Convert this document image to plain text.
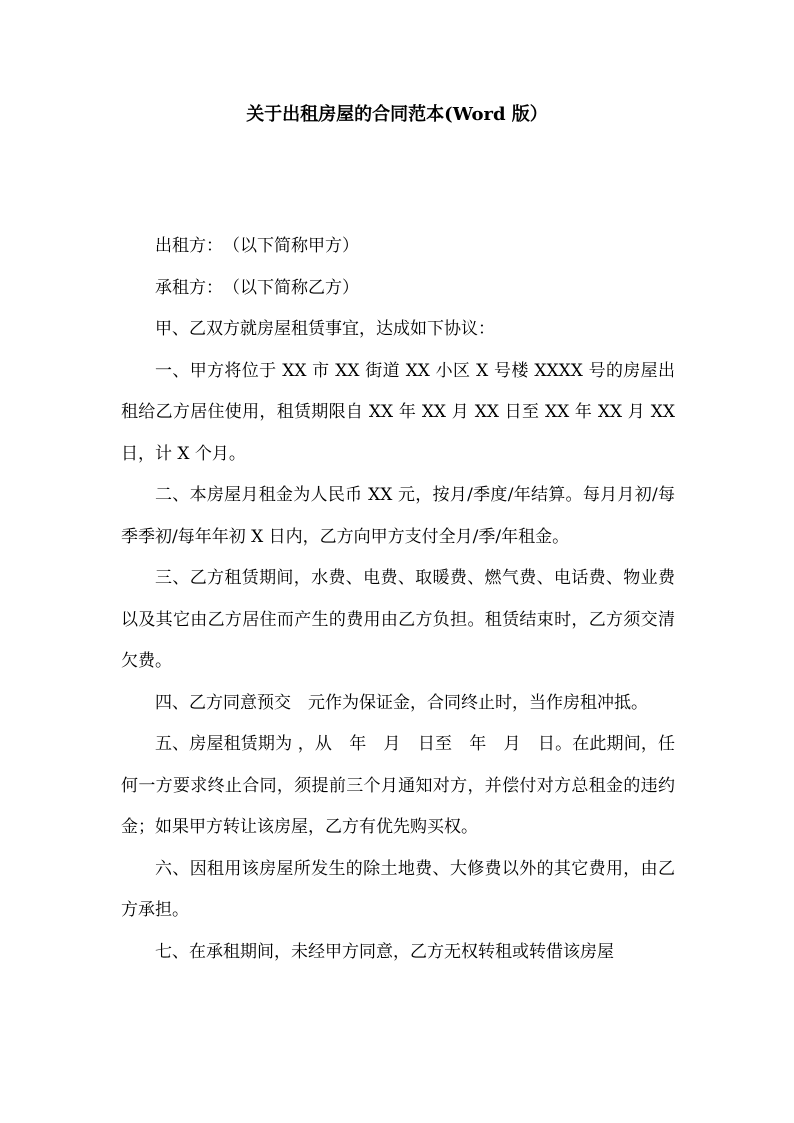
关于出租房屋的合同范本(Word 版）

出租方：　（以下简称甲方）

承租方：　（以下简称乙方）

甲、乙双方就房屋租赁事宜，达成如下协议：

一、甲方将位于 XX 市 XX 街道 XX 小区 X 号楼 XXXX 号的房屋出租给乙方居住使用，租赁期限自 XX 年 XX 月 XX 日至 XX 年 XX 月 XX 日，计 X 个月。

二、本房屋月租金为人民币 XX 元，按月/季度/年结算。每月月初/每季季初/每年年初 X 日内，乙方向甲方支付全月/季/年租金。

三、乙方租赁期间，水费、电费、取暖费、燃气费、电话费、物业费以及其它由乙方居住而产生的费用由乙方负担。租赁结束时，乙方须交清欠费。

四、乙方同意预交　元作为保证金，合同终止时，当作房租冲抵。

五、房屋租赁期为 ，从　年　月　日至　年　月　日。在此期间，任何一方要求终止合同，须提前三个月通知对方，并偿付对方总租金的违约金；如果甲方转让该房屋，乙方有优先购买权。

六、因租用该房屋所发生的除土地费、大修费以外的其它费用，由乙方承担。

七、在承租期间，未经甲方同意，乙方无权转租或转借该房屋
